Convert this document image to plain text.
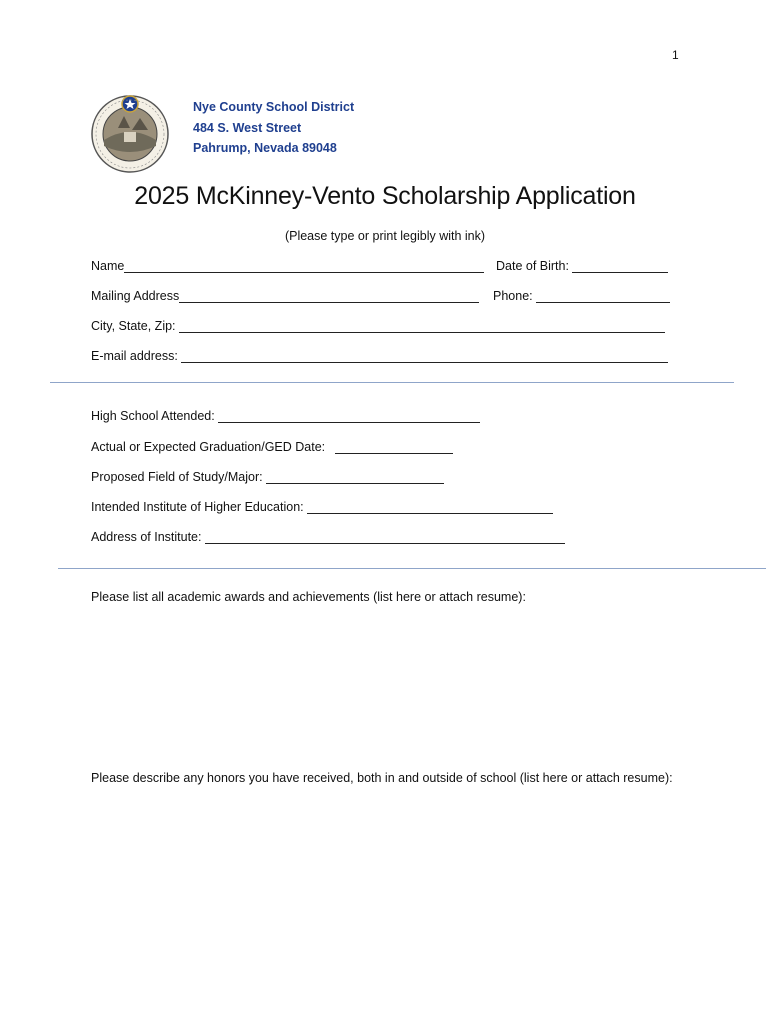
1
Nye County School District
484 S. West Street
Pahrump, Nevada 89048
2025 McKinney-Vento Scholarship Application
(Please type or print legibly with ink)
Name	Date of Birth:
Mailing Address	Phone:
City, State, Zip:
E-mail address:
High School Attended:
Actual or Expected Graduation/GED Date:
Proposed Field of Study/Major:
Intended Institute of Higher Education:
Address of Institute:
Please list all academic awards and achievements (list here or attach resume):
Please describe any honors you have received, both in and outside of school (list here or attach resume):
